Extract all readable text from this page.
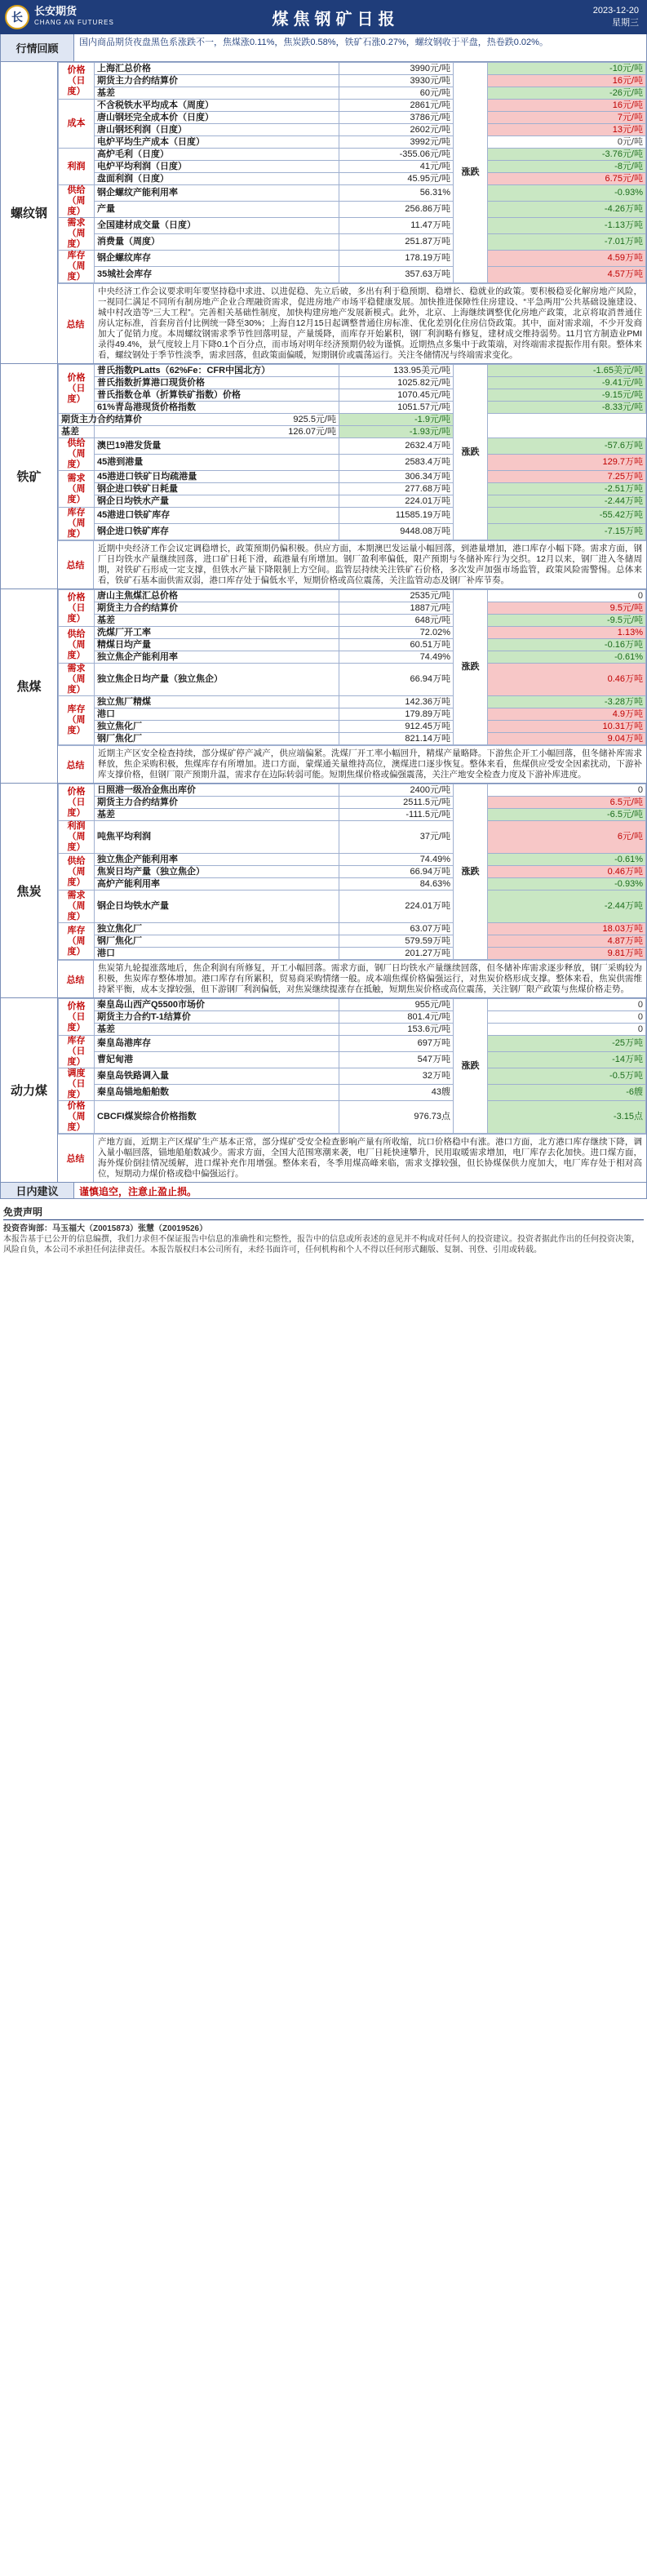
长	长安期货
CHANG AN FUTURES	煤焦钢矿日报	2023-12-20
星期三
行情回顾	国内商品期货夜盘黑色系涨跌不一，焦煤涨0.11%，焦炭跌0.58%，铁矿石涨0.27%，螺纹钢收于平盘，热卷跌0.02%。
螺纹钢
价格（日度）	上海汇总价格	3990元/吨	涨跌	-10元/吨
	期货主力合约结算价	3930元/吨		16元/吨
	基差	60元/吨		-26元/吨
成本	不含税铁水平均成本（周度）	2861元/吨		16元/吨
	唐山钢坯完全成本价（日度）	3786元/吨		7元/吨
	唐山钢坯利润（日度）	2602元/吨		13元/吨
	电炉平均生产成本（日度）	3992元/吨		0元/吨
利润	高炉毛利（日度）	-355.06元/吨		-3.76元/吨
	电炉平均利润（日度）	41元/吨		-8元/吨
	盘面利润（日度）	45.95元/吨		6.75元/吨
供给（周度）	钢企螺纹产能利用率	56.31%		-0.93%
	产量	256.86万吨		-4.26万吨
需求（周度）	全国建材成交量（日度）	11.47万吨		-1.13万吨
	消费量（周度）	251.87万吨		-7.01万吨
库存（周度）	钢企螺纹库存	178.19万吨		4.59万吨
	35城社会库存	357.63万吨		4.57万吨
总结
中央经济工作会议要求明年要坚持稳中求进、以进促稳、先立后破，多出有利于稳预期、稳增长、稳就业的政策。要积极稳妥化解房地产风险，一视同仁满足不同所有制房地产企业合理融资需求，促进房地产市场平稳健康发展。加快推进保障性住房建设、“平急两用”公共基础设施建设、城中村改造等“三大工程”。完善相关基础性制度，加快构建房地产发展新模式。此外，北京、上海继续调整优化房地产政策，北京将取消普通住房认定标准，首套房首付比例统一降至30%；上海自12月15日起调整普通住房标准、优化差别化住房信贷政策。其中，面对需求端，不少开发商加大了促销力度。本周螺纹钢需求季节性回落明显，产量缓降，而库存开始累积，钢厂利润略有修复，建材成交维持弱势。11月官方制造业PMI录得49.4%，景气度较上月下降0.1个百分点，而市场对明年经济预期仍较为谨慎。近期热点多集中于政策端，对终端需求提振作用有限。整体来看，螺纹钢处于季节性淡季，需求回落，但政策面偏暖，短期钢价或震荡运行。关注冬储情况与终端需求变化。
铁矿
价格（日度）	普氏指数PLatts（62%Fe：CFR中国北方）	133.95美元/吨	涨跌	-1.65美元/吨
	普氏指数折算港口现货价格	1025.82元/吨		-9.41元/吨
	普氏指数仓单（折算铁矿指数）价格	1070.45元/吨		-9.15元/吨
	61%青岛港现货价格指数	1051.57元/吨		-8.33元/吨
期货主力合约结算价	925.5元/吨	-1.9元/吨		
基差	126.07元/吨	-1.93元/吨		
供给（周度）	澳巴19港发货量	2632.4万吨		-57.6万吨
	45港到港量	2583.4万吨		129.7万吨
需求（周度）	45港进口铁矿日均疏港量	306.34万吨		7.25万吨
	钢企进口铁矿日耗量	277.68万吨		-2.51万吨
	钢企日均铁水产量	224.01万吨		-2.44万吨
库存（周度）	45港进口铁矿库存	11585.19万吨		-55.42万吨
	钢企进口铁矿库存	9448.08万吨		-7.15万吨
总结
近期中央经济工作会议定调稳增长，政策预期仍偏积极。供应方面，本期澳巴发运量小幅回落，到港量增加，港口库存小幅下降。需求方面，钢厂日均铁水产量继续回落，进口矿日耗下滑，疏港量有所增加。钢厂盈利率偏低，限产预期与冬储补库行为交织。12月以来，钢厂进入冬储周期，对铁矿石形成一定支撑，但铁水产量下降限制上方空间。监管层持续关注铁矿石价格，多次发声加强市场监管，政策风险需警惕。总体来看，铁矿石基本面供需双弱，港口库存处于偏低水平，短期价格或高位震荡，关注监管动态及钢厂补库节奏。
焦煤
价格（日度）	唐山主焦煤汇总价格	2535元/吨	涨跌	0
	期货主力合约结算价	1887元/吨		9.5元/吨
	基差	648元/吨		-9.5元/吨
供给（周度）	洗煤厂开工率	72.02%		1.13%
	精煤日均产量	60.51万吨		-0.16万吨
	独立焦企产能利用率	74.49%		-0.61%
需求（周度）	独立焦企日均产量（独立焦企）	66.94万吨		0.46万吨
库存（周度）	独立焦厂精煤	142.36万吨		-3.28万吨
	港口	179.89万吨		4.9万吨
	独立焦化厂	912.45万吨		10.31万吨
	钢厂焦化厂	821.14万吨		9.04万吨
总结
近期主产区安全检查持续，部分煤矿停产减产，供应端偏紧。洗煤厂开工率小幅回升，精煤产量略降。下游焦企开工小幅回落，但冬储补库需求释放，焦企采购积极，焦煤库存有所增加。进口方面，蒙煤通关量维持高位，澳煤进口逐步恢复。整体来看，焦煤供应受安全因素扰动，下游补库支撑价格，但钢厂限产预期升温，需求存在边际转弱可能。短期焦煤价格或偏强震荡，关注产地安全检查力度及下游补库进度。
焦炭
价格（日度）	日照港一级冶金焦出库价	2400元/吨	涨跌	0
	期货主力合约结算价	2511.5元/吨		6.5元/吨
	基差	-111.5元/吨		-6.5元/吨
利润（周度）	吨焦平均利润	37元/吨		6元/吨
供给（周度）	独立焦企产能利用率	74.49%		-0.61%
	焦炭日均产量（独立焦企）	66.94万吨		0.46万吨
	高炉产能利用率	84.63%		-0.93%
需求（周度）	钢企日均铁水产量	224.01万吨		-2.44万吨
库存（周度）	独立焦化厂	63.07万吨		18.03万吨
	钢厂焦化厂	579.59万吨		4.87万吨
	港口	201.27万吨		9.81万吨
总结
焦炭第九轮提涨落地后，焦企利润有所修复，开工小幅回落。需求方面，钢厂日均铁水产量继续回落，但冬储补库需求逐步释放，钢厂采购较为积极，焦炭库存整体增加。港口库存有所累积，贸易商采购情绪一般。成本端焦煤价格偏强运行，对焦炭价格形成支撑。整体来看，焦炭供需维持紧平衡，成本支撑较强，但下游钢厂利润偏低，对焦炭继续提涨存在抵触，短期焦炭价格或高位震荡，关注钢厂限产政策与焦煤价格走势。
动力煤
价格（日度）	秦皇岛山西产Q5500市场价	955元/吨	涨跌	0
	期货主力合约T-1结算价	801.4元/吨		0
	基差	153.6元/吨		0
库存（日度）	秦皇岛港库存	697万吨		-25万吨
	曹妃甸港	547万吨		-14万吨
调度（日度）	秦皇岛铁路调入量	32万吨		-0.5万吨
	秦皇岛锚地船舶数	43艘		-6艘
价格（周度）	CBCFI煤炭综合价格指数	976.73点		-3.15点
总结
产地方面，近期主产区煤矿生产基本正常，部分煤矿受安全检查影响产量有所收缩，坑口价格稳中有涨。港口方面，北方港口库存继续下降，调入量小幅回落，锚地船舶数减少。需求方面，全国大范围寒潮来袭，电厂日耗快速攀升，民用取暖需求增加，电厂库存去化加快。进口煤方面，海外煤价倒挂情况缓解，进口煤补充作用增强。整体来看，冬季用煤高峰来临，需求支撑较强，但长协煤保供力度加大，电厂库存处于相对高位，短期动力煤价格或稳中偏强运行。
日内建议	谨慎追空，注意止盈止损。
免责声明
投资咨询部：马玉福大（Z0015873）张慧（Z0019526）
本报告基于已公开的信息编撰，我们力求但不保证报告中信息的准确性和完整性，报告中的信息或所表述的意见并不构成对任何人的投资建议。投资者据此作出的任何投资决策，风险自负，本公司不承担任何法律责任。本报告版权归本公司所有，未经书面许可，任何机构和个人不得以任何形式翻版、复制、刊登、引用或转载。
